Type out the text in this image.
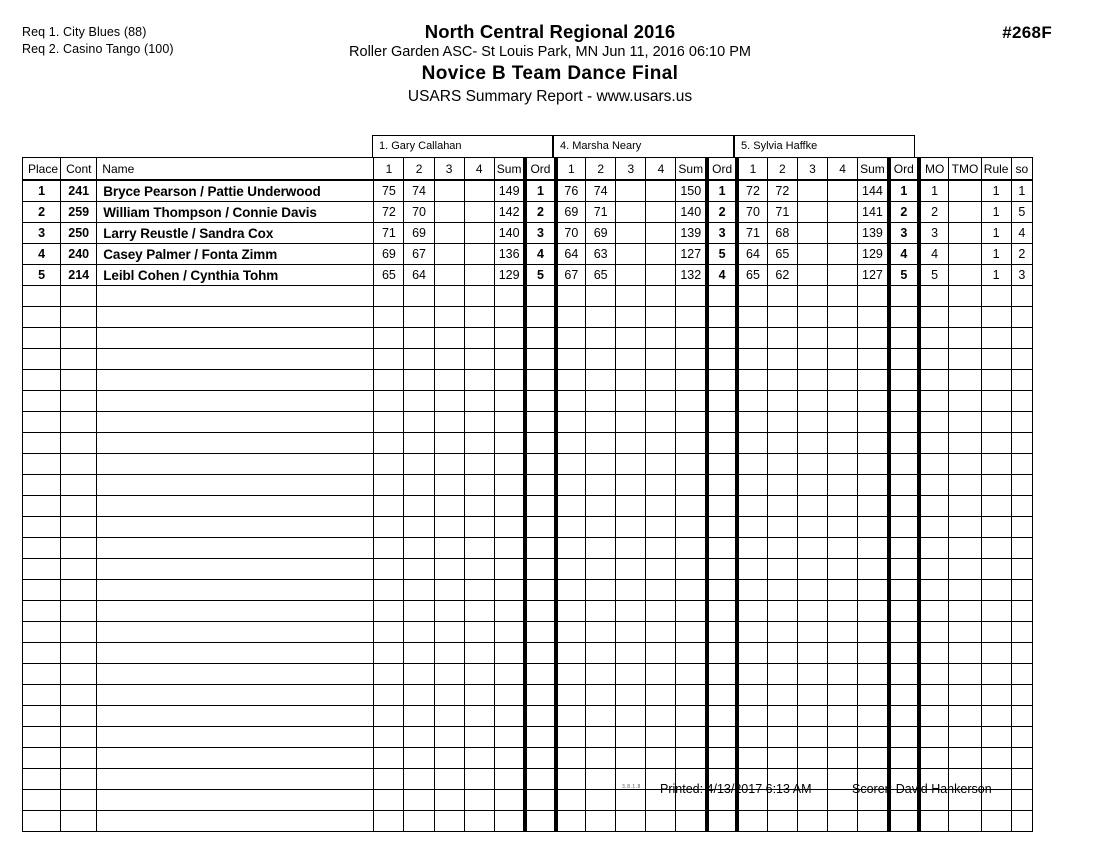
Req 1. City Blues (88)
Req 2. Casino Tango (100)
North Central Regional 2016
Roller Garden ASC- St Louis Park, MN Jun 11, 2016 06:10 PM
Novice B Team Dance Final
USARS Summary Report - www.usars.us
#268F
1. Gary Callahan	4. Marsha Neary	5. Sylvia Haffke
Place	Cont	Name	1	2	3	4	Sum	Ord	1	2	3	4	Sum	Ord	1	2	3	4	Sum	Ord	MO	TMO	Rule	so
1	241	Bryce Pearson / Pattie Underwood	75	74			149	1	76	74			150	1	72	72			144	1	1		1	1
2	259	William Thompson / Connie Davis	72	70			142	2	69	71			140	2	70	71			141	2	2		1	5
3	250	Larry Reustle / Sandra Cox	71	69			140	3	70	69			139	3	71	68			139	3	3		1	4
4	240	Casey Palmer / Fonta Zimm	69	67			136	4	64	63			127	5	64	65			129	4	4		1	2
5	214	Leibl Cohen / Cynthia Tohm	65	64			129	5	67	65			132	4	65	62			127	5	5		1	3

3.8.1.8 Printed: 4/13/2017 6:13 AM	Scorer: David Hankerson
